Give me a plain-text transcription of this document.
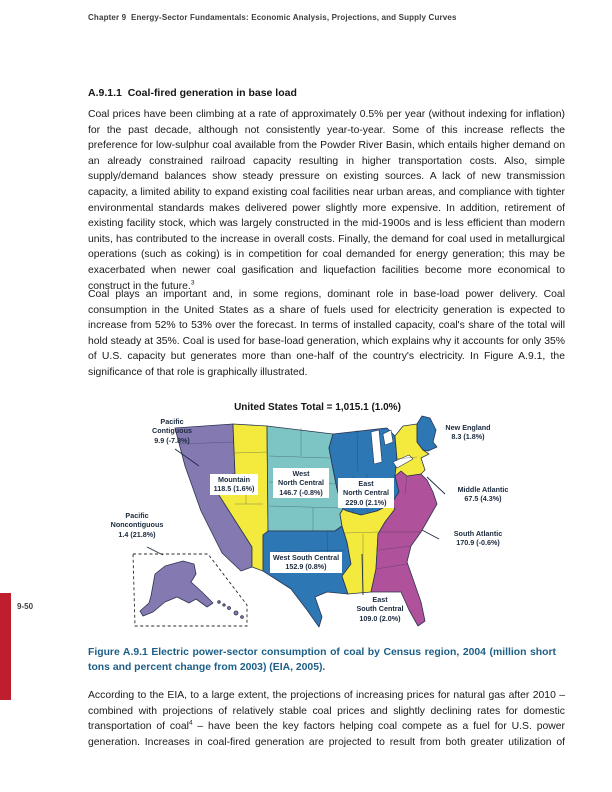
Chapter 9  Energy-Sector Fundamentals: Economic Analysis, Projections, and Supply Curves
A.9.1.1  Coal-fired generation in base load
Coal prices have been climbing at a rate of approximately 0.5% per year (without indexing for inflation) for the past decade, although not consistently year-to-year. Some of this increase reflects the preference for low-sulphur coal available from the Powder River Basin, which entails higher demand on an already constrained railroad capacity resulting in higher transportation costs. Also, simple supply/demand balances show steady pressure on existing sources. A lack of new transmission capacity, a limited ability to expand existing coal facilities near urban areas, and compliance with tighter environmental standards makes delivered power slightly more expensive. In addition, retirement of existing facility stock, which was largely constructed in the mid-1900s and is less efficient than modern units, has contributed to the increase in overall costs. Finally, the demand for coal used in metallurgical operations (such as coking) is in competition for coal demanded for energy generation; this may be exacerbated when newer coal gasification and liquefaction facilities become more economical to construct in the future.$^3$
Coal plays an important and, in some regions, dominant role in base-load power delivery. Coal consumption in the United States as a share of fuels used for electricity generation is expected to increase from 52% to 53% over the forecast. In terms of installed capacity, coal's share of the total will hold steady at 35%. Coal is used for base-load generation, which explains why it accounts for only 35% of U.S. capacity but generates more than one-half of the country's electricity. In Figure A.9.1, the significance of that role is graphically illustrated.
United States Total = 1,015.1 (1.0%)
Pacific
Contiguous
9.9 (-7.8%)
Pacific
Noncontiguous
1.4 (21.8%)
Mountain
118.5 (1.6%)
West
North Central
146.7 (-0.8%)
East
North Central
229.0 (2.1%)
West South Central
152.9 (0.8%)
East
South Central
109.0 (2.0%)
New England
8.3 (1.8%)
Middle Atlantic
67.5 (4.3%)
South Atlantic
170.9 (-0.6%)
Figure A.9.1 Electric power-sector consumption of coal by Census region, 2004 (million short tons and percent change from 2003) (EIA, 2005).
According to the EIA, to a large extent, the projections of increasing prices for natural gas after 2010 – combined with projections of relatively stable coal prices and slightly declining rates for domestic transportation of coal$^4$ – have been the key factors helping coal compete as a fuel for U.S. power generation. Increases in coal-fired generation are projected to result from both greater utilization of
9-50
